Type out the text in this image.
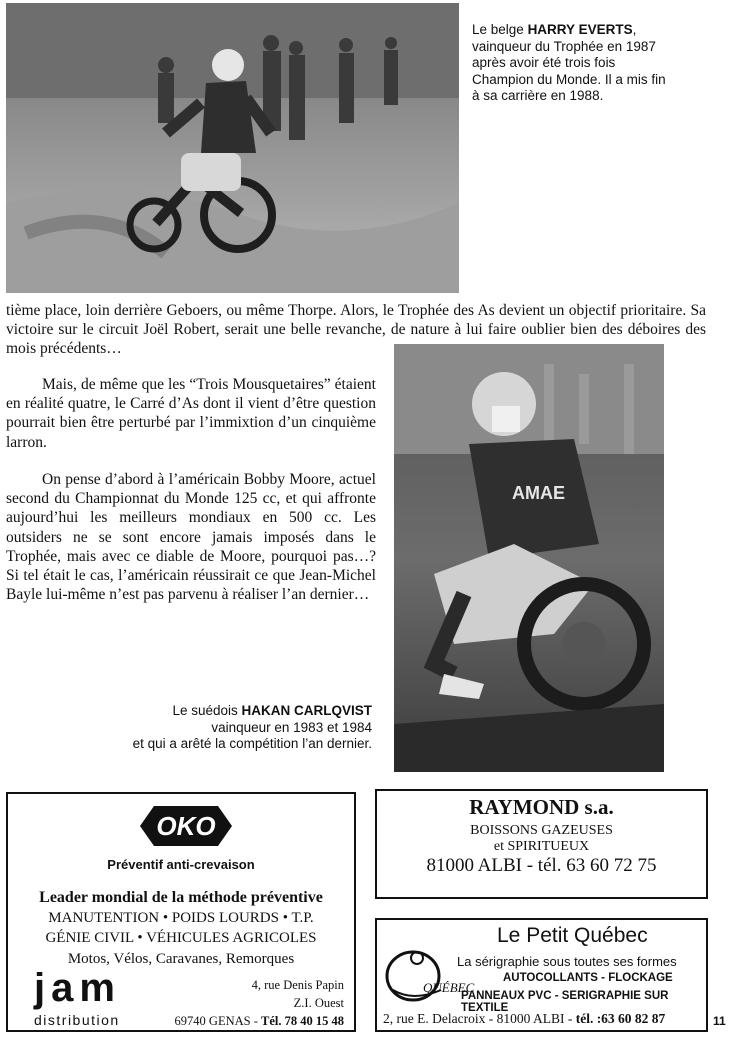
Le belge HARRY EVERTS,
vainqueur du Trophée en 1987
après avoir été trois fois
Champion du Monde. Il a mis fin
à sa carrière en 1988.

tième place, loin derrière Geboers, ou même Thorpe. Alors, le Trophée des As devient un objectif prioritaire. Sa victoire sur le circuit Joël Robert, serait une belle revanche, de nature à lui faire oublier bien des déboires des mois précédents…

AMAE

Mais, de même que les “Trois Mousquetaires” étaient en réalité quatre, le Carré d’As dont il vient d’être question pourrait bien être perturbé par l’immixtion d’un cinquième larron.

On pense d’abord à l’américain Bobby Moore, actuel second du Championnat du Monde 125 cc, et qui affronte aujourd’hui les meilleurs mondiaux en 500 cc. Les outsiders ne se sont encore jamais imposés dans le Trophée, mais avec ce diable de Moore, pourquoi pas…? Si tel était le cas, l’américain réussirait ce que Jean-Michel Bayle lui-même n’est pas parvenu à réaliser l’an dernier…

Le suédois HAKAN CARLQVIST
vainqueur en 1983 et 1984
et qui a arêté la compétition l’an dernier.
OKO
Préventif anti-crevaison
Leader mondial de la méthode préventive
MANUTENTION • POIDS LOURDS • T.P.
GÉNIE CIVIL • VÉHICULES AGRICOLES
Motos, Vélos, Caravanes, Remorques
jam
distribution
4, rue Denis Papin
Z.I. Ouest
69740 GENAS - Tél. 78 40 15 48
RAYMOND s.a.
BOISSONS GAZEUSES
et SPIRITUEUX
81000 ALBI - tél. 63 60 72 75
QUÉBEC
Le Petit Québec
La sérigraphie sous toutes ses formes
AUTOCOLLANTS - FLOCKAGE
PANNEAUX PVC - SERIGRAPHIE SUR TEXTILE
2, rue E. Delacroix - 81000 ALBI - tél. :63 60 82 87	11
